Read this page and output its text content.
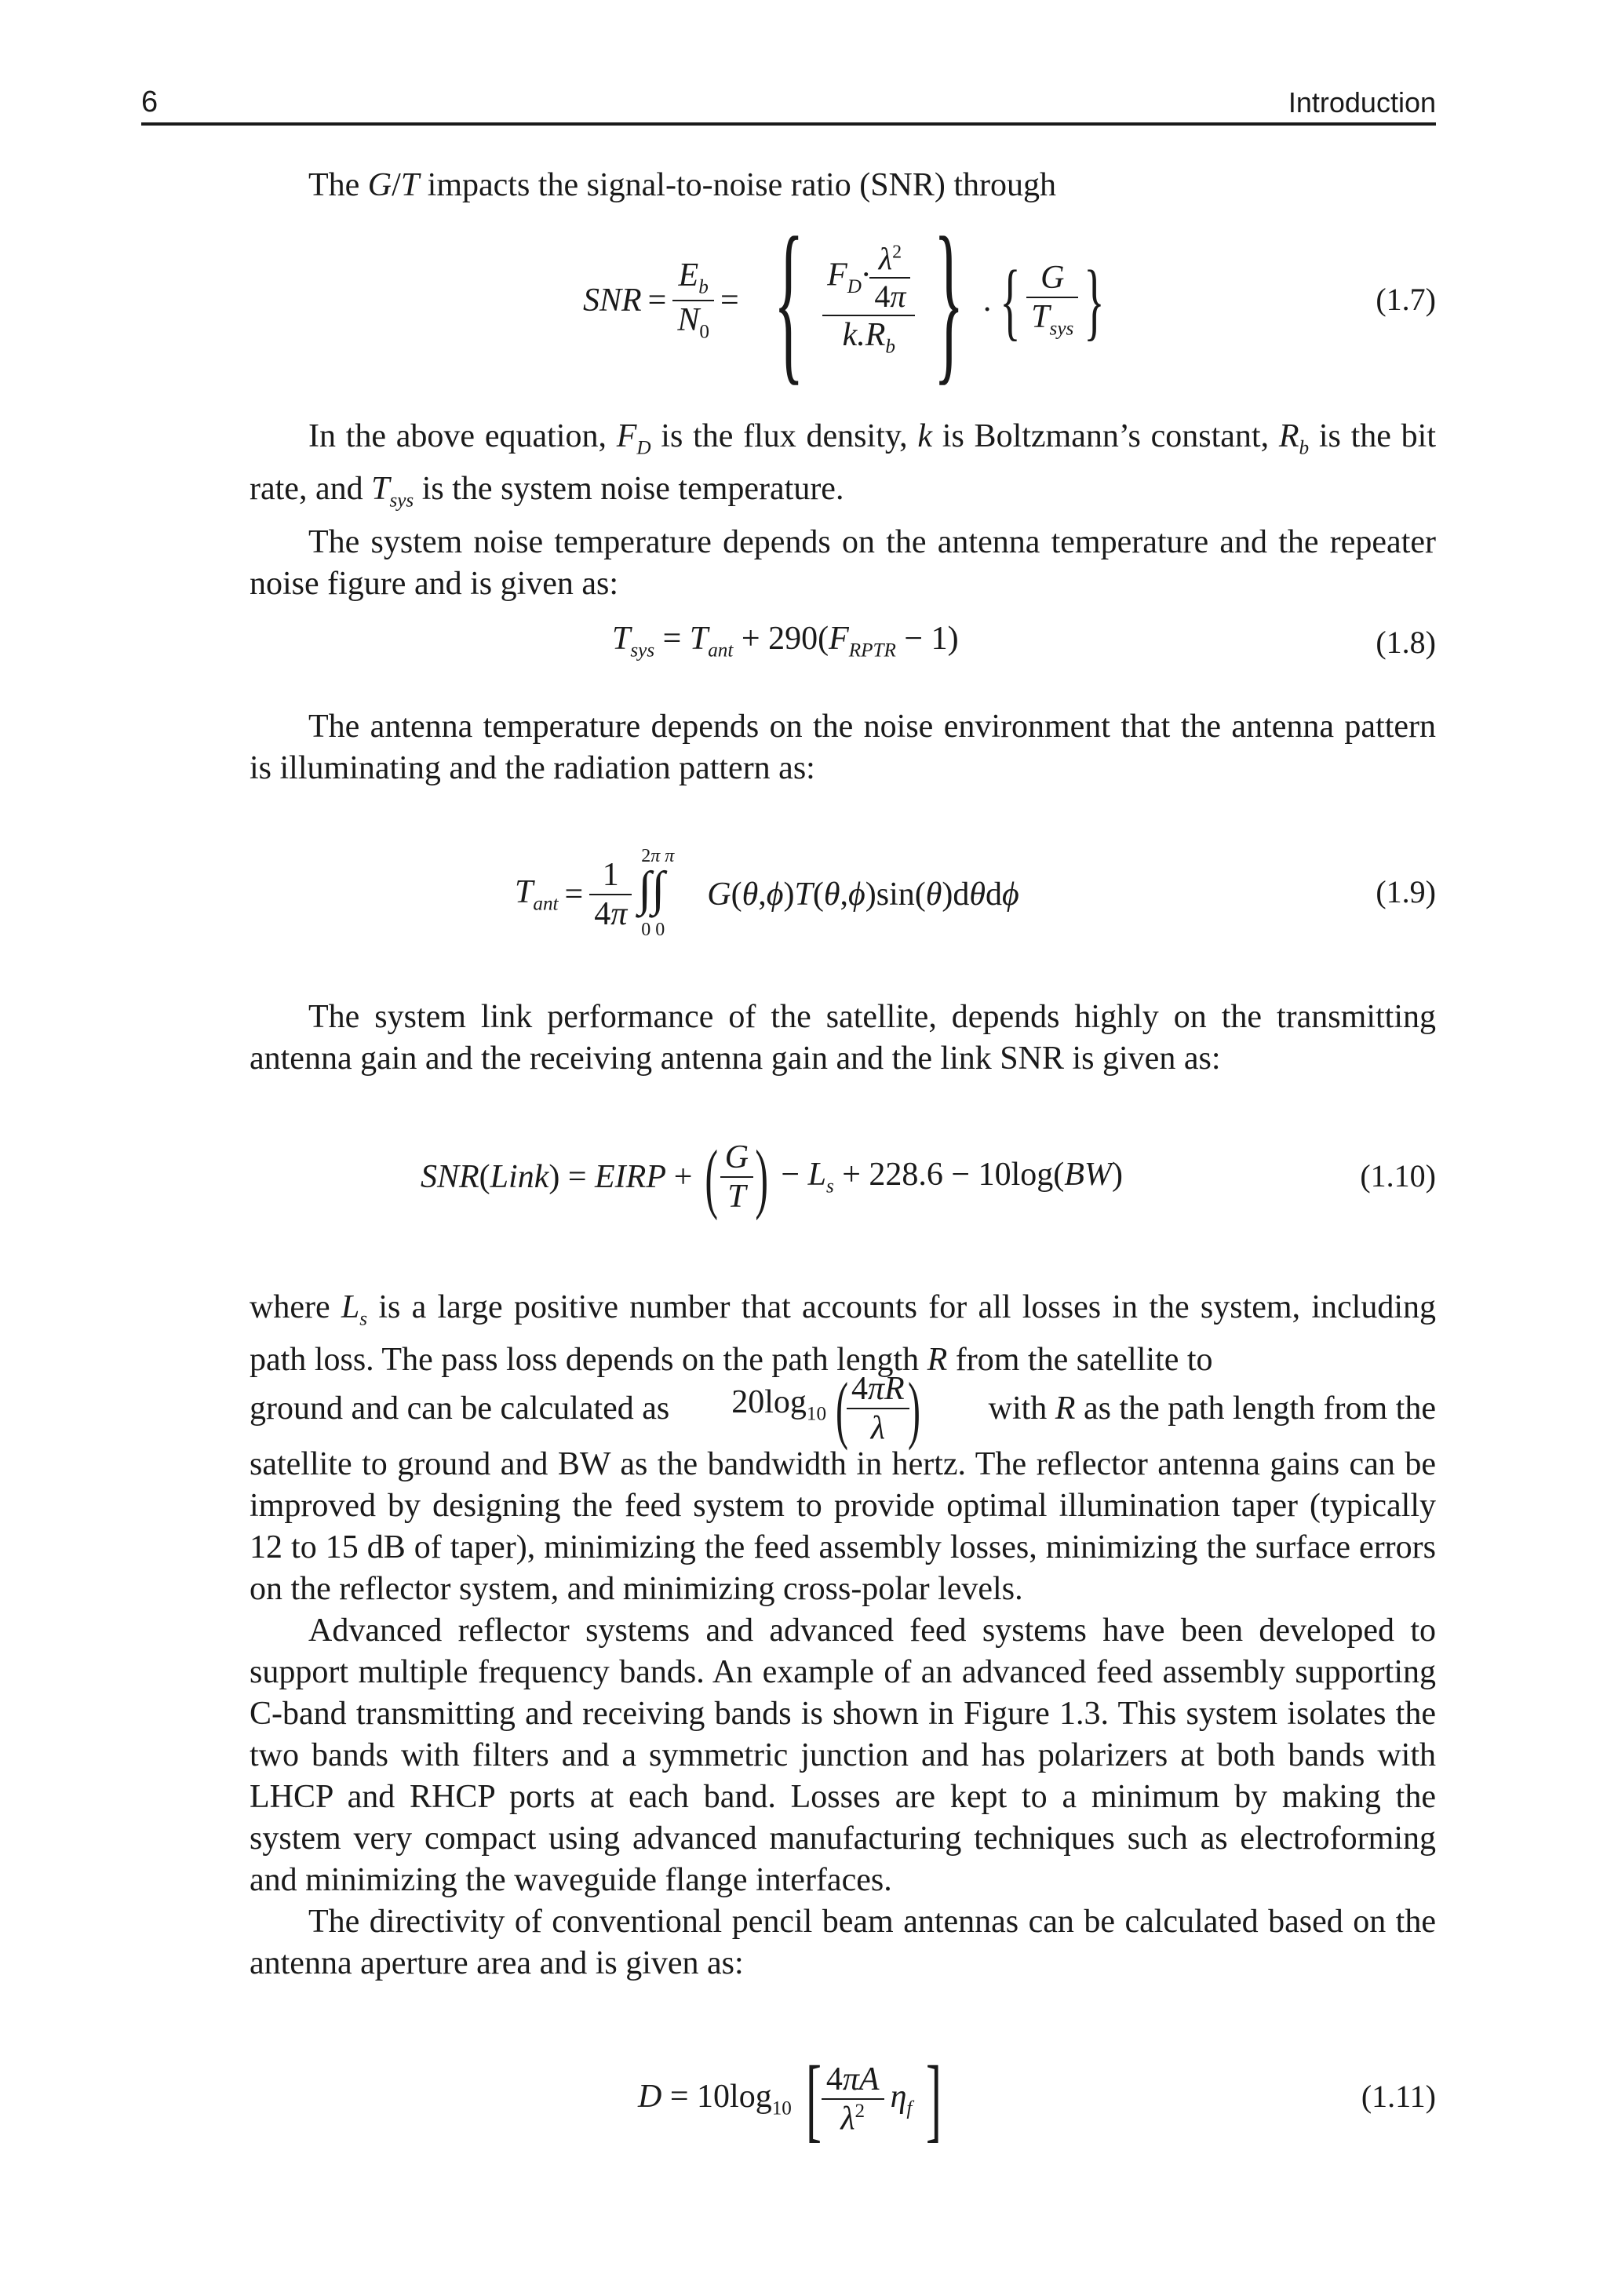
6	Introduction
The G/T impacts the signal-to-noise ratio (SNR) through
SNR = $\frac{E_b}{N_0}$ = { $\frac{F_D\cdot \frac{\lambda^2}{4\pi}}{k.R_b}$ } . { $\frac{G}{T_{sys}}$ }	(1.7)

In the above equation, $F_D$ is the flux density, k is Boltzmann’s constant, $R_b$ is the bit rate, and $T_{sys}$ is the system noise temperature.

The system noise temperature depends on the antenna temperature and the repeater noise figure and is given as:

$T_{sys} = T_{ant} + 290(F_{RPTR} - 1)$	(1.8)
The antenna temperature depends on the noise environment that the antenna pattern is illuminating and the radiation pattern as:
$T_{ant} = \frac{1}{4\pi} 2\pi$ π
∫∫
0 0
G(θ,ϕ)T(θ,ϕ)sin(θ)dθdϕ	(1.9)
The system link performance of the satellite, depends highly on the transmitting antenna gain and the receiving antenna gain and the link SNR is given as:
SNR(Link) = EIRP + ( $\frac{G}{T}$ ) − $L_s + 228.6 - 10\log(BW)$	(1.10)
where $L_s$ is a large positive number that accounts for all losses in the system, including path loss. The pass loss depends on the path length R from the satellite to
ground and can be calculated as $20\log_{10}$ (
$\frac{4\pi R}{\lambda}$
) with R as the path length from the
satellite to ground and BW as the bandwidth in hertz. The reflector antenna gains can be improved by designing the feed system to provide optimal illumination taper (typically 12 to 15 dB of taper), minimizing the feed assembly losses, minimizing the surface errors on the reflector system, and minimizing cross-polar levels.

Advanced reflector systems and advanced feed systems have been developed to support multiple frequency bands. An example of an advanced feed assembly supporting C-band transmitting and receiving bands is shown in Figure 1.3. This system isolates the two bands with filters and a symmetric junction and has polarizers at both bands with LHCP and RHCP ports at each band. Losses are kept to a minimum by making the system very compact using advanced manufacturing techniques such as electroforming and minimizing the waveguide flange interfaces.

The directivity of conventional pencil beam antennas can be calculated based on the antenna aperture area and is given as:

$D = 10\log_{10}$ [ $\frac{4\pi A}{\lambda^2} \eta_f$ ]	(1.11)
